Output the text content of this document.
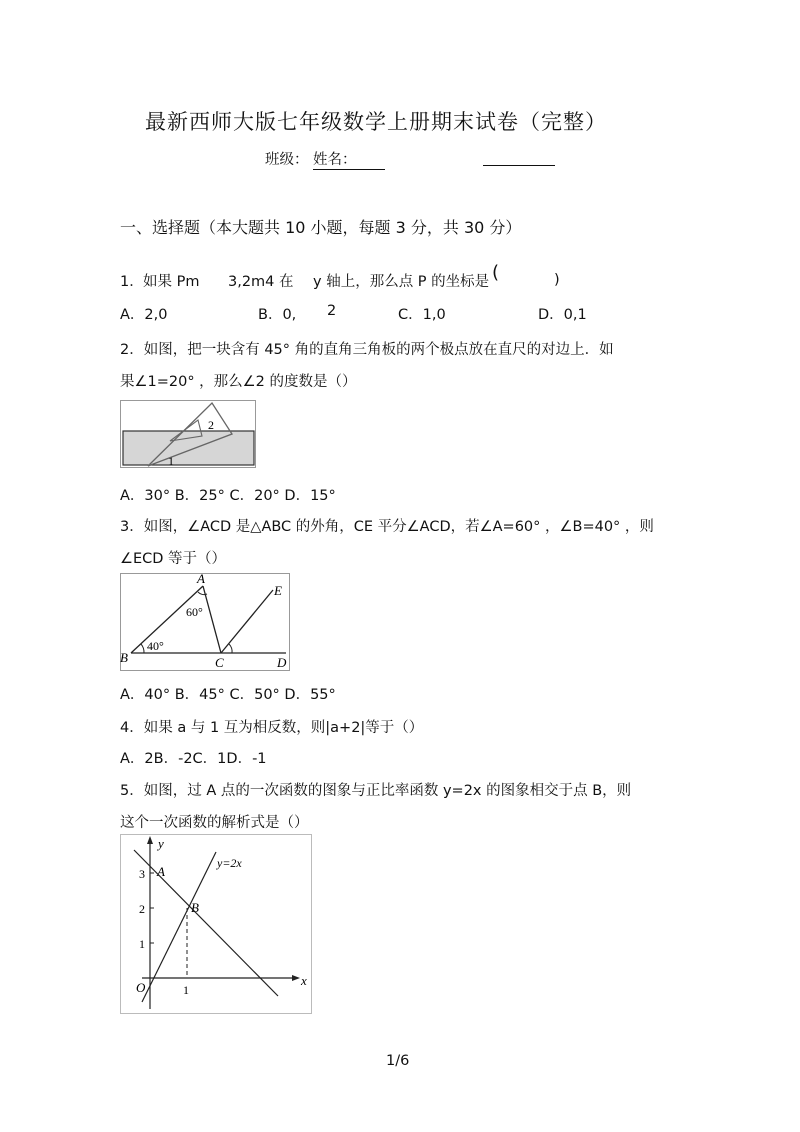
最新西师大版七年级数学上册期末试卷（完整）
班级： 姓名：
一、选择题（本大题共 10 小题，每题 3 分，共 30 分）
1． 如果 Pm 3,2m4 在 y 轴上，那么点 P 的坐标是 (	)
A．2,0	B．0, 2	C．1,0	D．0,1
2．如图，把一块含有 45° 角的直角三角板的两个极点放在直尺的对边上．如
果∠1=20° ，那么∠2 的度数是（）
2
1
A．30° B．25° C．20° D．15°
3．如图，∠ACD 是△ABC 的外角，CE 平分∠ACD，若∠A=60° ，∠B=40° ，则
∠ECD 等于（）
A
E
60°
40°
B	C	D
A．40° B．45° C．50° D．55°
4．如果 a 与 1 互为相反数，则|a+2|等于（）
A．2B．-2C．1D．-1
5．如图，过 A 点的一次函数的图象与正比率函数 y=2x 的图象相交于点 B，则
这个一次函数的解析式是（）
y
y=2x
3 A
2	B
1
O	1
x
1/6
